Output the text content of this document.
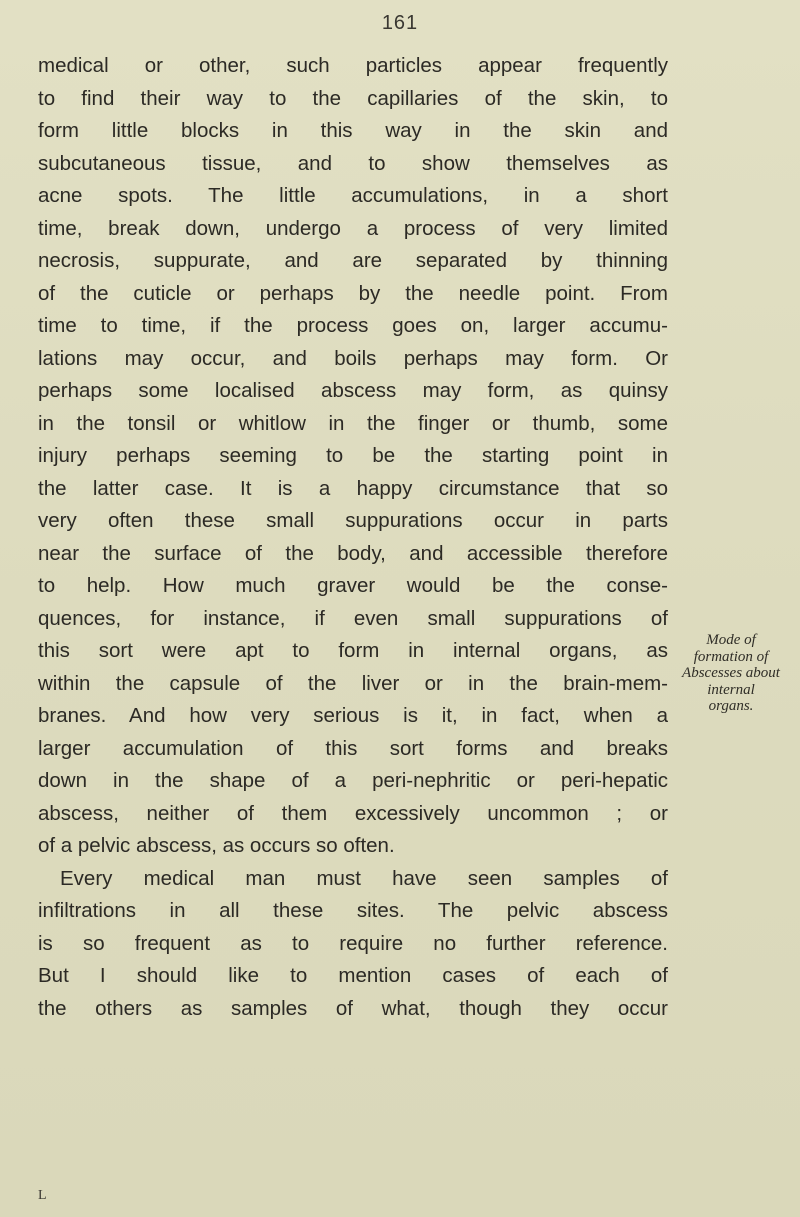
161
medical or other, such particles appear frequently
to find their way to the capillaries of the skin, to
form little blocks in this way in the skin and
subcutaneous tissue, and to show themselves as
acne spots. The little accumulations, in a short
time, break down, undergo a process of very limited
necrosis, suppurate, and are separated by thinning
of the cuticle or perhaps by the needle point. From
time to time, if the process goes on, larger accumu-
lations may occur, and boils perhaps may form. Or
perhaps some localised abscess may form, as quinsy
in the tonsil or whitlow in the finger or thumb, some
injury perhaps seeming to be the starting point in
the latter case. It is a happy circumstance that so
very often these small suppurations occur in parts
near the surface of the body, and accessible therefore
to help. How much graver would be the conse-
quences, for instance, if even small suppurations of
this sort were apt to form in internal organs, as
within the capsule of the liver or in the brain-mem-
branes. And how very serious is it, in fact, when a
larger accumulation of this sort forms and breaks
down in the shape of a peri-nephritic or peri-hepatic
abscess, neither of them excessively uncommon ; or
of a pelvic abscess, as occurs so often.
Every medical man must have seen samples of
infiltrations in all these sites. The pelvic abscess
is so frequent as to require no further reference.
But I should like to mention cases of each of
the others as samples of what, though they occur
Mode of
formation of
Abscesses about
internal
organs.
L
